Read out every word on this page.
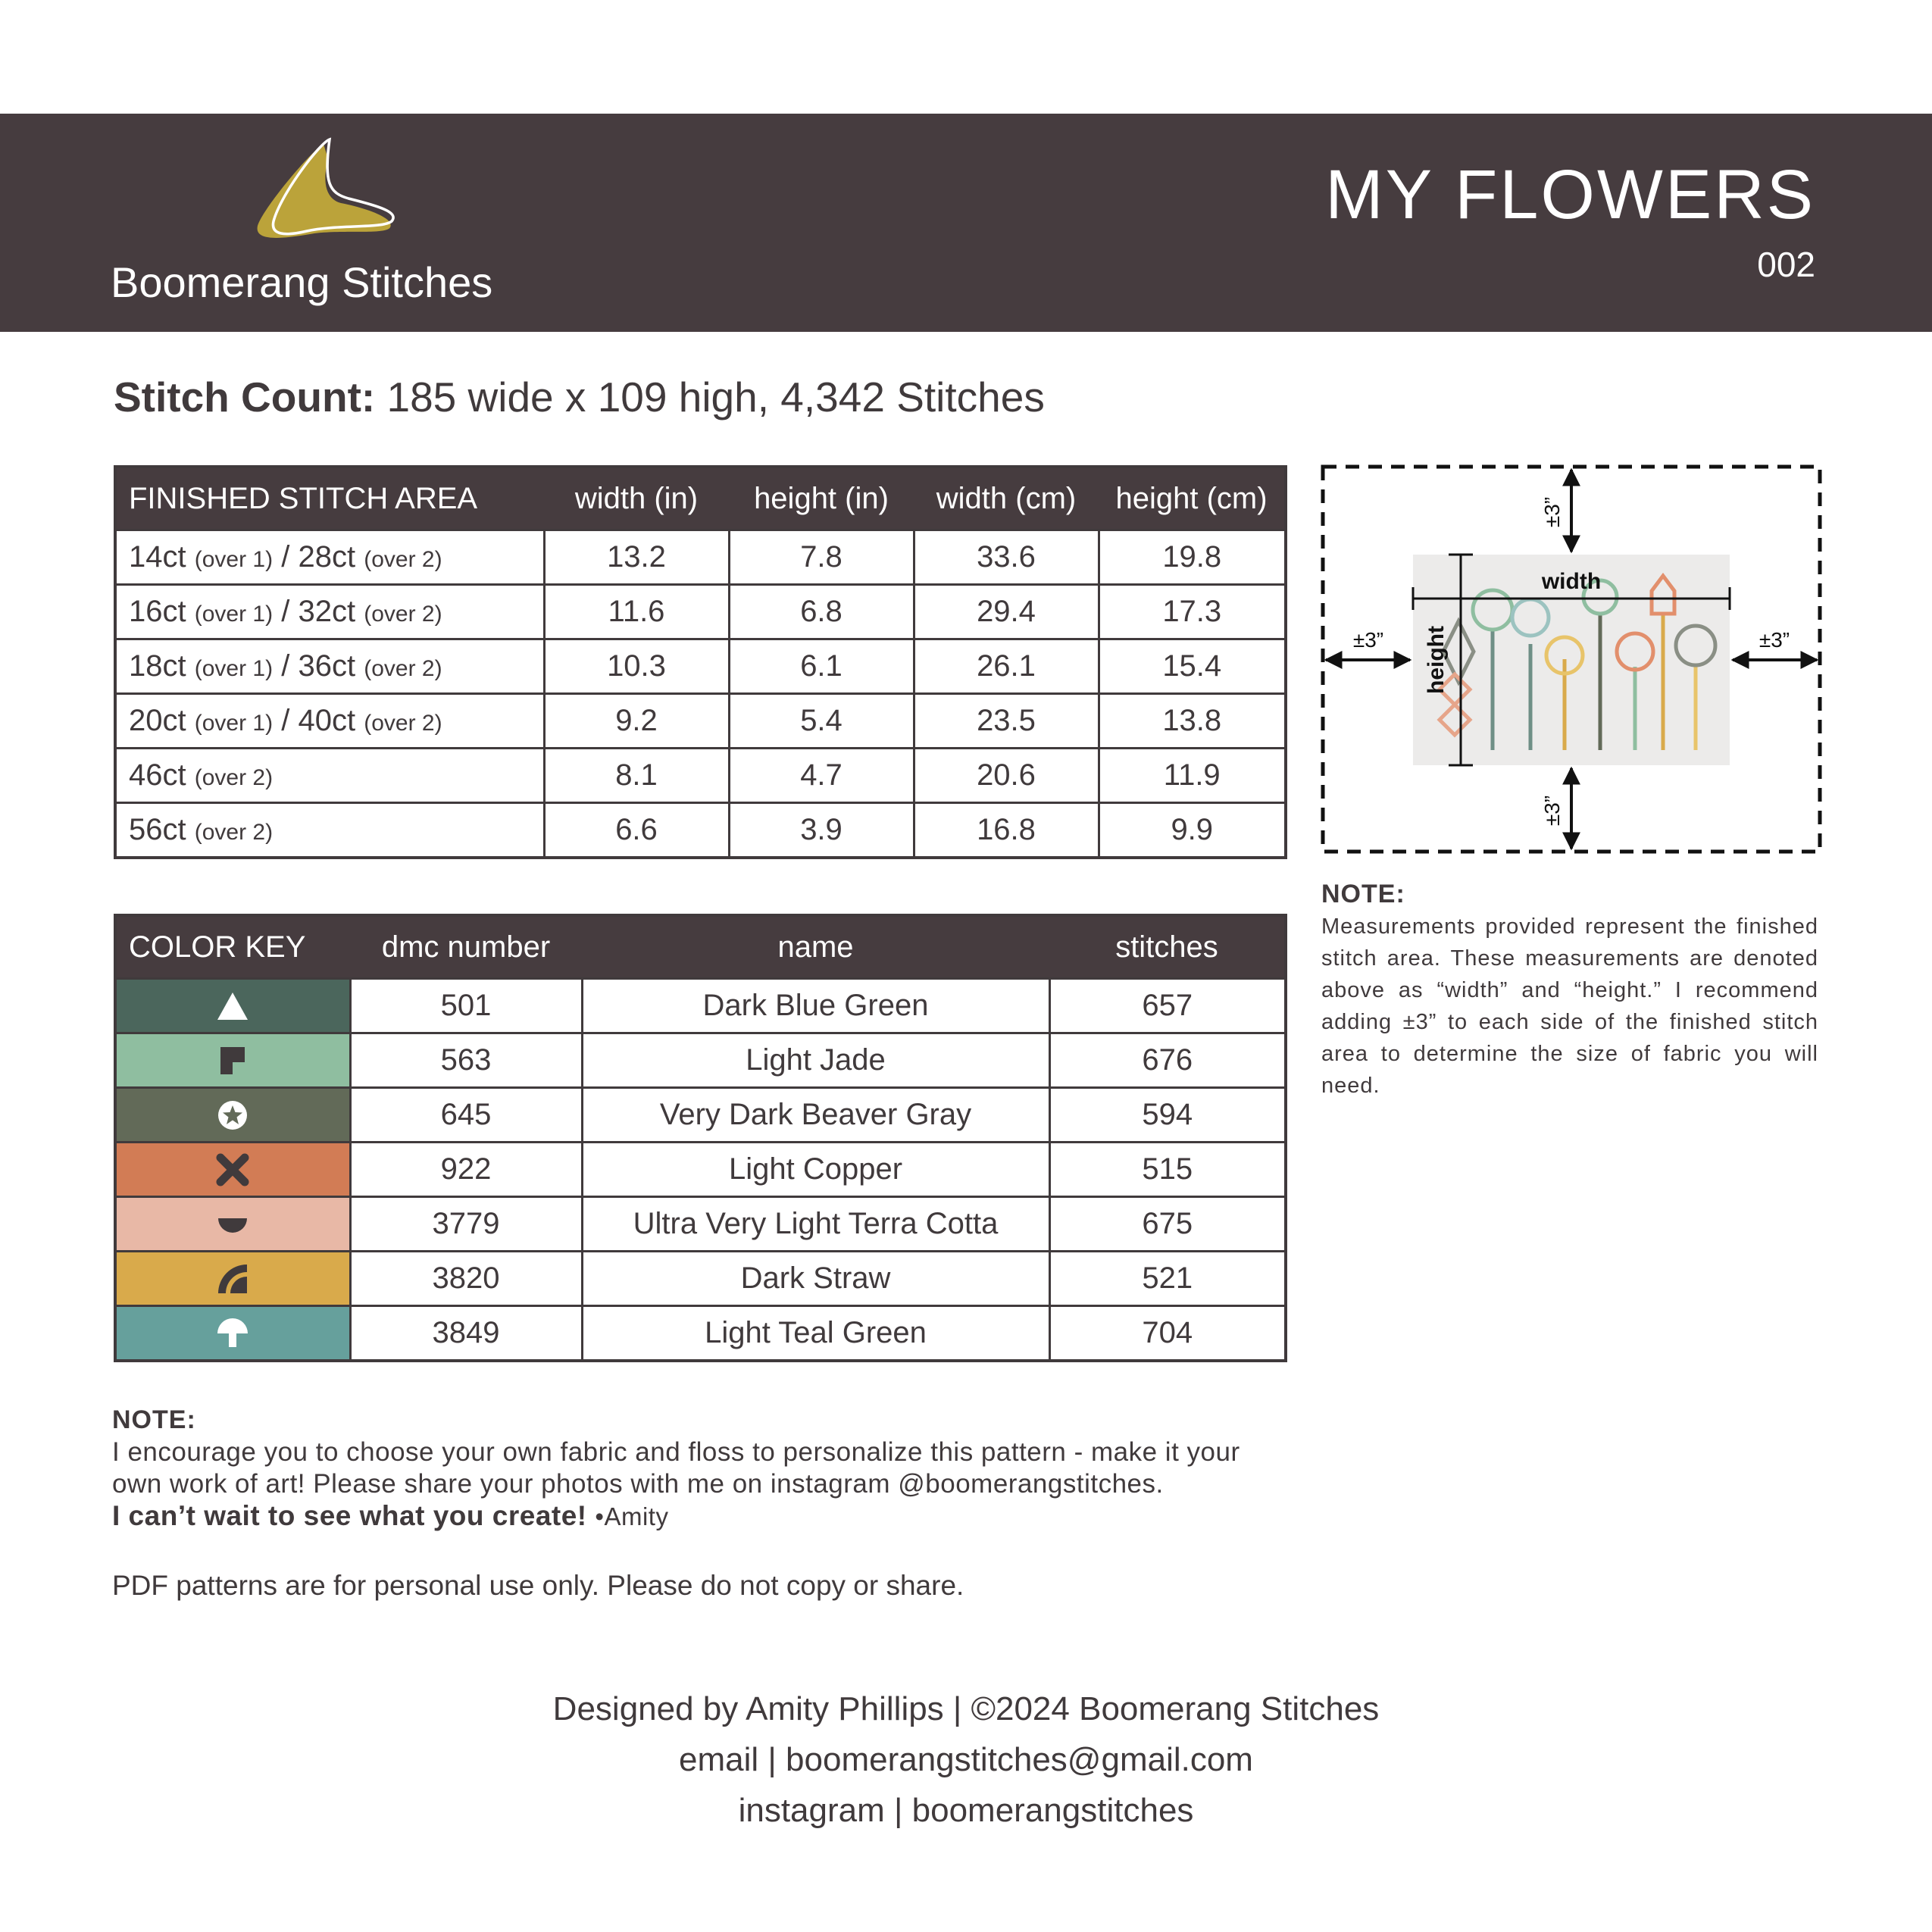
Boomerang Stitches
MY FLOWERS
002
Stitch Count: 185 wide x 109 high, 4,342 Stitches
FINISHED STITCH AREA	width (in)	height (in)	width (cm)	height (cm)
14ct (over 1) / 28ct (over 2)	13.2	7.8	33.6	19.8
16ct (over 1) / 32ct (over 2)	11.6	6.8	29.4	17.3
18ct (over 1) / 36ct (over 2)	10.3	6.1	26.1	15.4
20ct (over 1) / 40ct (over 2)	9.2	5.4	23.5	13.8
46ct (over 2)	8.1	4.7	20.6	11.9
56ct (over 2)	6.6	3.9	16.8	9.9
COLOR KEY	dmc number	name	stitches

	501	Dark Blue Green	657

	563	Light Jade	676

	645	Very Dark Beaver Gray	594

	922	Light Copper	515

	3779	Ultra Very Light Terra Cotta	675

	3820	Dark Straw	521

	3849	Light Teal Green	704
width
height
±3”
±3”
±3”	±3”
NOTE:
Measurements provided represent the finished stitch area. These measurements are denoted above as “width” and “height.” I recommend adding ±3” to each side of the finished stitch area to determine the size of fabric you will need.
NOTE:
I encourage you to choose your own fabric and floss to personalize this pattern - make it your own work of art! Please share your photos with me on instagram @boomerangstitches.
I can’t wait to see what you create! •Amity
PDF patterns are for personal use only. Please do not copy or share.
Designed by Amity Phillips | ©2024 Boomerang Stitches
email | boomerangstitches@gmail.com
instagram | boomerangstitches
